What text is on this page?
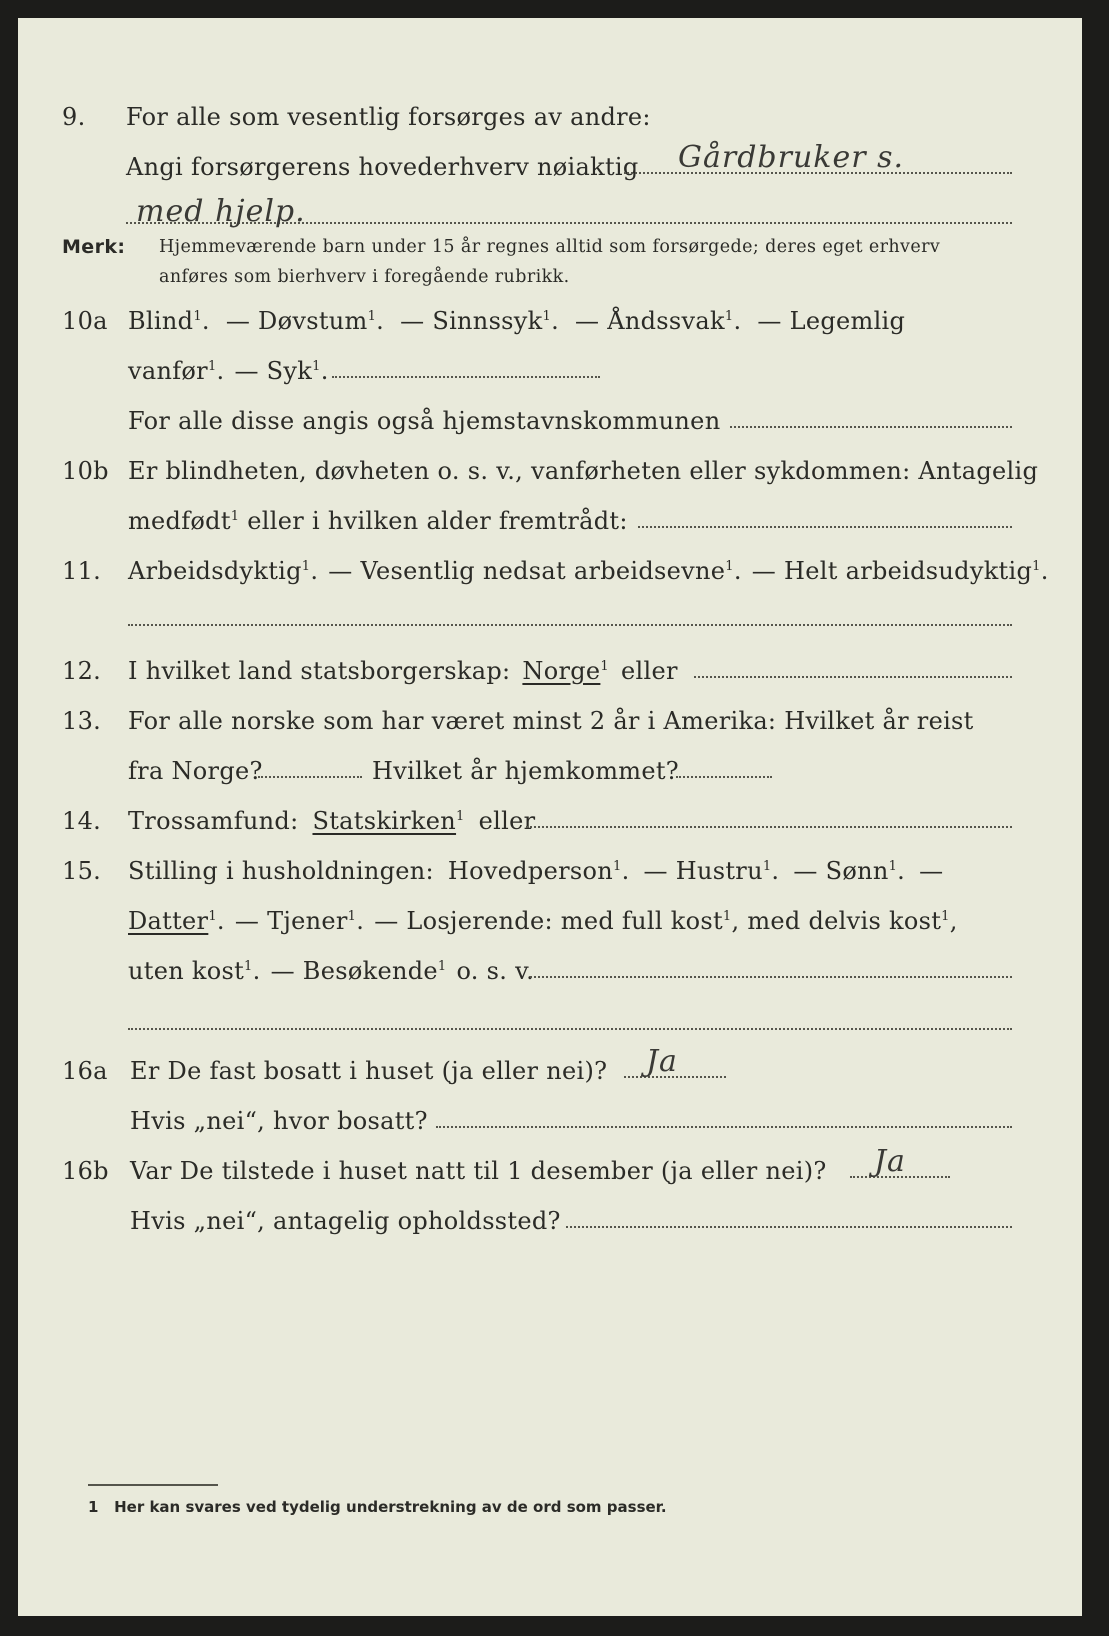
9. For alle som vesentlig forsørges av andre:
Angi forsørgerens hovederhverv nøiaktig Gårdbruker s.
med hjelp.
Merk: Hjemmeværende barn under 15 år regnes alltid som forsørgede; deres eget erhverv
anføres som bierhverv i foregående rubrikk.
10a Blind$^1$. — Døvstum$^1$. — Sinnssyk$^1$. — Åndssvak$^1$. — Legemlig
vanfør$^1$. — Syk$^1$.
For alle disse angis også hjemstavnskommunen
10b Er blindheten, døvheten o. s. v., vanførheten eller sykdommen: Antagelig
medfødt$^1$
eller i hvilken alder fremtrådt:
11. Arbeidsdyktig$^1$. — Vesentlig nedsat arbeidsevne$^1$. — Helt arbeidsudyktig$^1$.
12. I hvilket land statsborgerskap: Norge$^1$ eller
13. For alle norske som har været minst 2 år i Amerika: Hvilket år reist
fra Norge?	Hvilket år hjemkommet?
14. Trossamfund: Statskirken$^1$ eller
15. Stilling i husholdningen: Hovedperson$^1$. — Hustru$^1$. — Sønn$^1$. —
Datter$^1$. — Tjener$^1$. — Losjerende: med full kost$^1$, med delvis kost$^1$,
uten kost$^1$. — Besøkende$^1$ o. s. v.
16a Er De fast bosatt i huset (ja eller nei)? Ja
Hvis „nei“, hvor bosatt?
16b Var De tilstede i huset natt til 1 desember (ja eller nei)? Ja
Hvis „nei“, antagelig opholdssted?
1 Her kan svares ved tydelig understrekning av de ord som passer.
